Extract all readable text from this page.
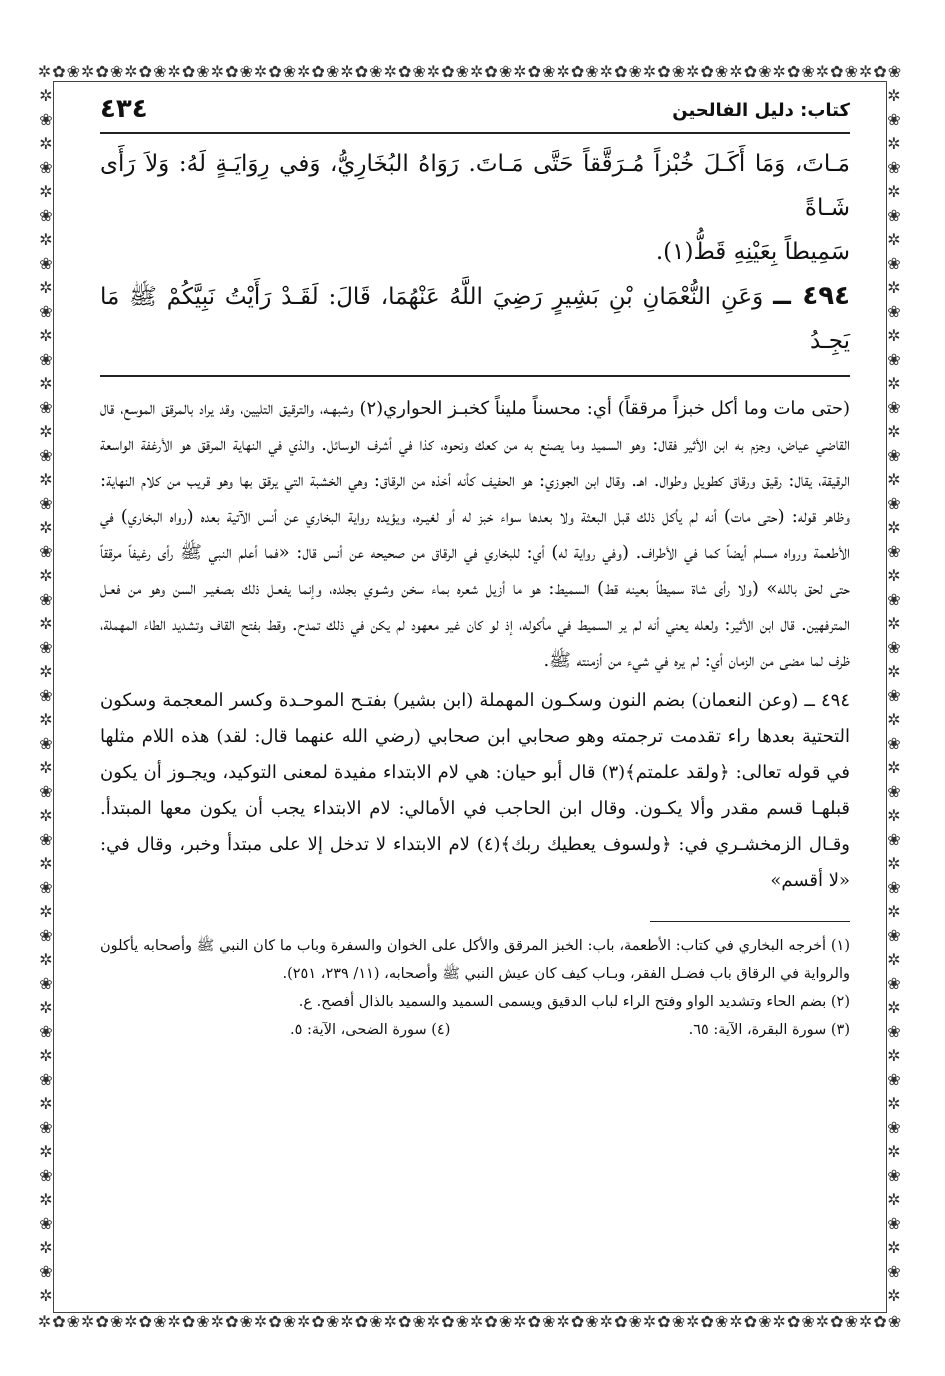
✲✿❀✲✿❀✲✿❀✲✿❀✲✿❀✲✿❀✲✿❀✲✿❀✲✿❀✲✿❀✲✿❀✲✿❀✲✿❀✲✿❀✲✿❀✲✿❀✲✿❀✲✿❀✲✿❀✲✿❀
✲✿❀✲✿❀✲✿❀✲✿❀✲✿❀✲✿❀✲✿❀✲✿❀✲✿❀✲✿❀✲✿❀✲✿❀✲✿❀✲✿❀✲✿❀✲✿❀✲✿❀✲✿❀✲✿❀✲✿❀
✲❀✲❀✲❀✲❀✲❀✲❀✲❀✲❀✲❀✲❀✲❀✲❀✲❀✲❀✲❀✲❀✲❀✲❀✲❀✲❀✲❀✲❀✲❀✲❀✲❀✲
✲❀✲❀✲❀✲❀✲❀✲❀✲❀✲❀✲❀✲❀✲❀✲❀✲❀✲❀✲❀✲❀✲❀✲❀✲❀✲❀✲❀✲❀✲❀✲❀✲❀✲
كتاب: دليل الفالحين
٤٣٤
مَـاتَ، وَمَا أَكَـلَ خُبْزاً مُـرَقَّقاً حَتَّى مَـاتَ. رَوَاهُ البُخَارِيُّ، وَفي رِوَايَـةٍ لَهُ: وَلاَ رَأَى شَـاةً
سَمِيطاً بِعَيْنِهِ قَطُّ(١).
٤٩٤ ــ وَعَنِ النُّعْمَانِ بْنِ بَشِيرٍ رَضِيَ اللَّهُ عَنْهُمَا، قَالَ: لَقَـدْ رَأَيْتُ نَبِيَّكُمْ ﷺ مَا يَجِـدُ

(حتى مات وما أكل خبزاً مرققاً) أي: محسناً مليناً كخبـز الحواري(٢) وشبهـه، والترقيق التليين، وقد يراد بالمرقق الموسع، قال القاضي عياض، وجزم به ابن الأثير فقال: وهو السميد وما يصنع به من كعك ونحوه، كذا في أشرف الوسائل. والذي في النهاية المرقق هو الأرغفة الواسعة الرقيقة، يقال: رقيق ورقاق كطويل وطوال. اهـ. وقال ابن الجوزي: هو الحفيف كأنه أخذه من الرقاق: وهي الخشبة التي يرقق بها وهو قريب من كلام النهاية: وظاهر قوله: (حتى مات) أنه لم يأكل ذلك قبل البعثة ولا بعدها سواء خبز له أو لغيـره، ويؤيده رواية البخاري عن أنس الآتية بعده (رواه البخاري) في الأطعمة ورواه مسلم أيضاً كما في الأطراف. (وفي رواية له) أي: للبخاري في الرقاق من صحيحه عن أنس قال: «فما أعلم النبي ﷺ رأى رغيفاً مرققاً حتى لحق بالله» (ولا رأى شاة سميطاً بعينه قط) السميط: هو ما أزيل شعره بماء سخن وشـوي بجلده، وإنما يفعـل ذلك بصغيـر السن وهو من فعـل المترفهين. قال ابن الأثير: ولعله يعني أنه لم ير السميط في مأكوله، إذ لو كان غير معهود لم يكن في ذلك تمدح. وقط بفتح القاف وتشديد الطاء المهملة، ظرف لما مضى من الزمان أي: لم يره في شيء من أزمنته ﷺ.

٤٩٤ ــ (وعن النعمان) بضم النون وسكـون المهملة (ابن بشير) بفتـح الموحـدة وكسر المعجمة وسكون التحتية بعدها راء تقدمت ترجمته وهو صحابي ابن صحابي (رضي الله عنهما قال: لقد) هذه اللام مثلها في قوله تعالى: ﴿ولقد علمتم﴾(٣) قال أبو حيان: هي لام الابتداء مفيدة لمعنى التوكيد، ويجـوز أن يكون قبلهـا قسم مقدر وألا يكـون. وقال ابن الحاجب في الأمالي: لام الابتداء يجب أن يكون معها المبتدأ. وقـال الزمخشـري في: ﴿ولسوف يعطيك ربك﴾(٤) لام الابتداء لا تدخل إلا على مبتدأ وخبر، وقال في: «لا أقسم»

(١) أخرجه البخاري في كتاب: الأطعمة، باب: الخبز المرقق والأكل على الخوان والسفرة وباب ما كان النبي ﷺ وأصحابه يأكلون والرواية في الرقاق باب فضـل الفقر، وبـاب كيف كان عيش النبي ﷺ وأصحابه، (١١/ ٢٣٩، ٢٥١).

(٢) بضم الحاء وتشديد الواو وفتح الراء لباب الدقيق ويسمى السميد والسميد بالذال أفصح. ع.

(٣) سورة البقرة، الآية: ٦٥.
(٤) سورة الضحى، الآية: ٥.
